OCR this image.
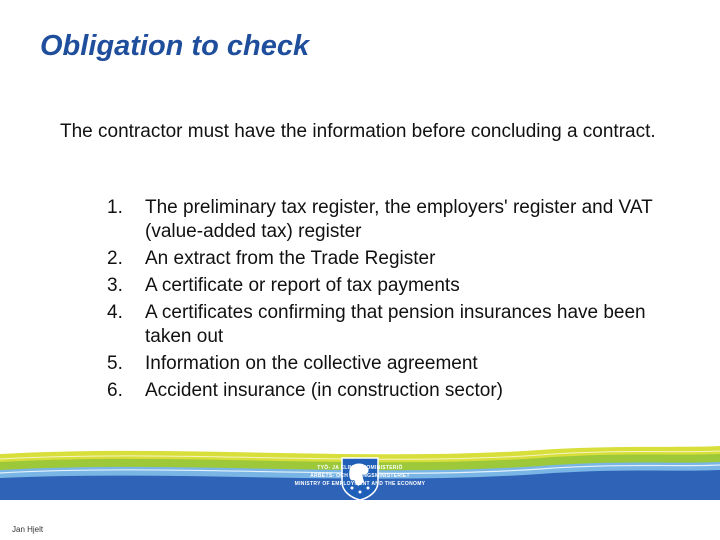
Obligation to check
The contractor must have the information before concluding a contract.
1.	The preliminary tax register, the employers' register and VAT (value-added tax) register
2.	An extract from the Trade Register
3.	A certificate or report of tax payments
4.	A certificates confirming that pension insurances have been taken out
5.	Information on the collective agreement
6.	Accident insurance (in construction sector)
TYÖ- JA ELINKEINOMINISTERIÖ
ARBETS- OCH NÄRINGSMINISTERIET
MINISTRY OF EMPLOYMENT AND THE ECONOMY
Jan Hjelt
